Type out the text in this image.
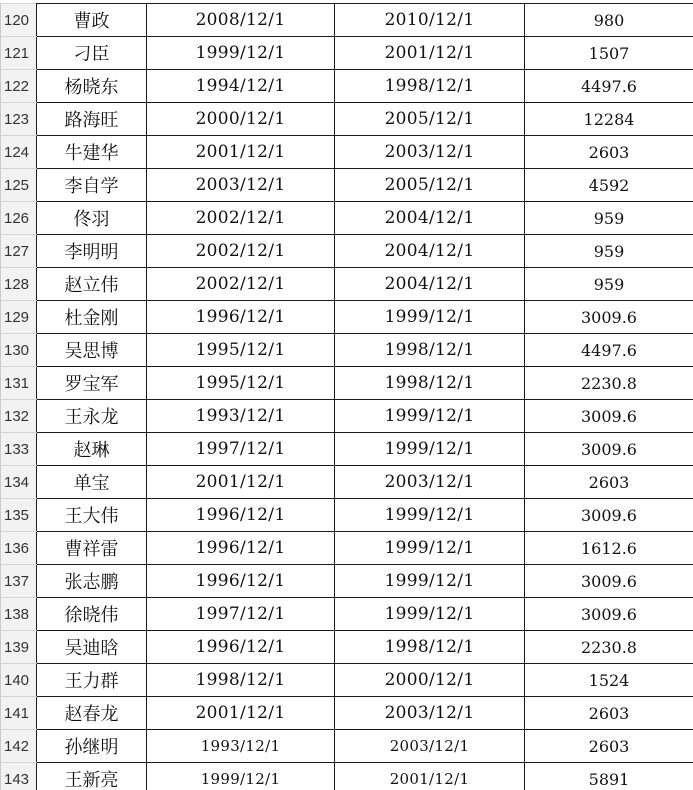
120	曹政	2008/12/1	2010/12/1	980
121	刁臣	1999/12/1	2001/12/1	1507
122	杨晓东	1994/12/1	1998/12/1	4497.6
123	路海旺	2000/12/1	2005/12/1	12284
124	牛建华	2001/12/1	2003/12/1	2603
125	李自学	2003/12/1	2005/12/1	4592
126	佟羽	2002/12/1	2004/12/1	959
127	李明明	2002/12/1	2004/12/1	959
128	赵立伟	2002/12/1	2004/12/1	959
129	杜金刚	1996/12/1	1999/12/1	3009.6
130	吴思博	1995/12/1	1998/12/1	4497.6
131	罗宝军	1995/12/1	1998/12/1	2230.8
132	王永龙	1993/12/1	1999/12/1	3009.6
133	赵琳	1997/12/1	1999/12/1	3009.6
134	单宝	2001/12/1	2003/12/1	2603
135	王大伟	1996/12/1	1999/12/1	3009.6
136	曹祥雷	1996/12/1	1999/12/1	1612.6
137	张志鹏	1996/12/1	1999/12/1	3009.6
138	徐晓伟	1997/12/1	1999/12/1	3009.6
139	吴迪晗	1996/12/1	1998/12/1	2230.8
140	王力群	1998/12/1	2000/12/1	1524
141	赵春龙	2001/12/1	2003/12/1	2603
142	孙继明	1993/12/1	2003/12/1	2603
143	王新亮	1999/12/1	2001/12/1	5891
